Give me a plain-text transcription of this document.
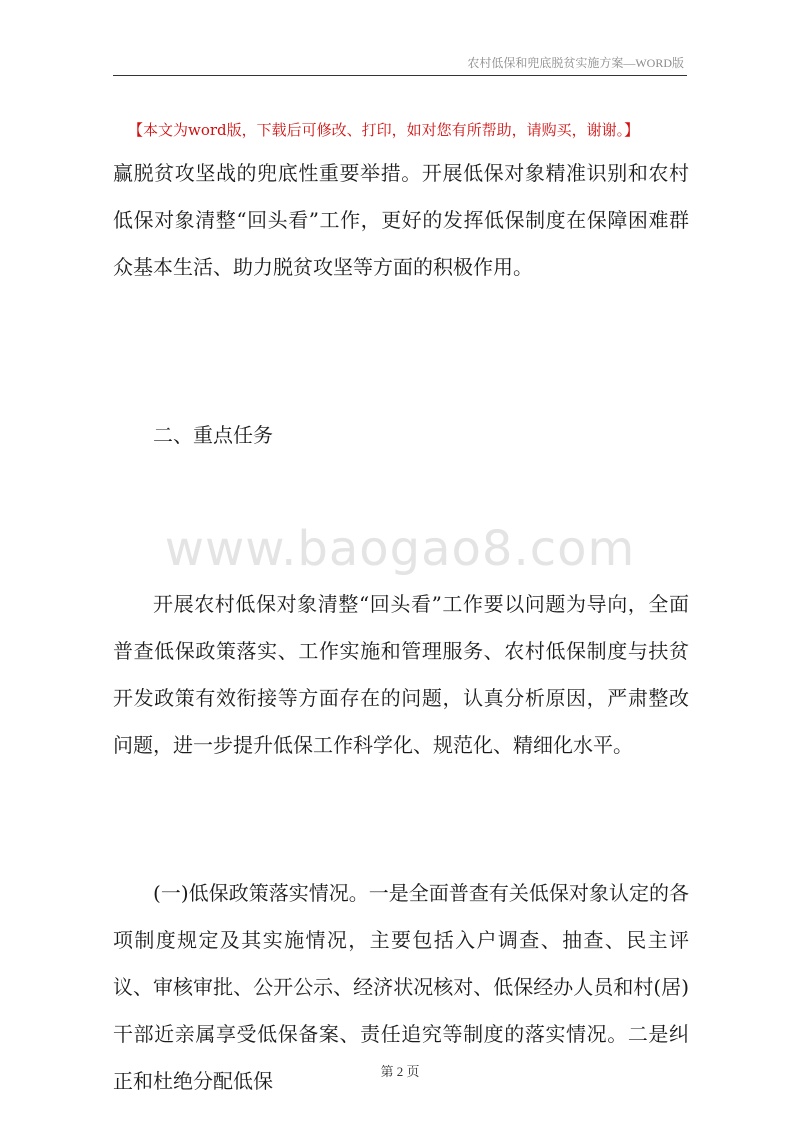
农村低保和兜底脱贫实施方案—WORD版
【本文为word版，下载后可修改、打印，如对您有所帮助，请购买，谢谢。】

赢脱贫攻坚战的兜底性重要举措。开展低保对象精准识别和农村低保对象清整“回头看”工作，更好的发挥低保制度在保障困难群众基本生活、助力脱贫攻坚等方面的积极作用。

二、重点任务

www.baogao8.com

开展农村低保对象清整“回头看”工作要以问题为导向，全面普查低保政策落实、工作实施和管理服务、农村低保制度与扶贫开发政策有效衔接等方面存在的问题，认真分析原因，严肃整改问题，进一步提升低保工作科学化、规范化、精细化水平。

(一)低保政策落实情况。一是全面普查有关低保对象认定的各项制度规定及其实施情况，主要包括入户调查、抽查、民主评议、审核审批、公开公示、经济状况核对、低保经办人员和村(居)干部近亲属享受低保备案、责任追究等制度的落实情况。二是纠正和杜绝分配低保	第 2 页
